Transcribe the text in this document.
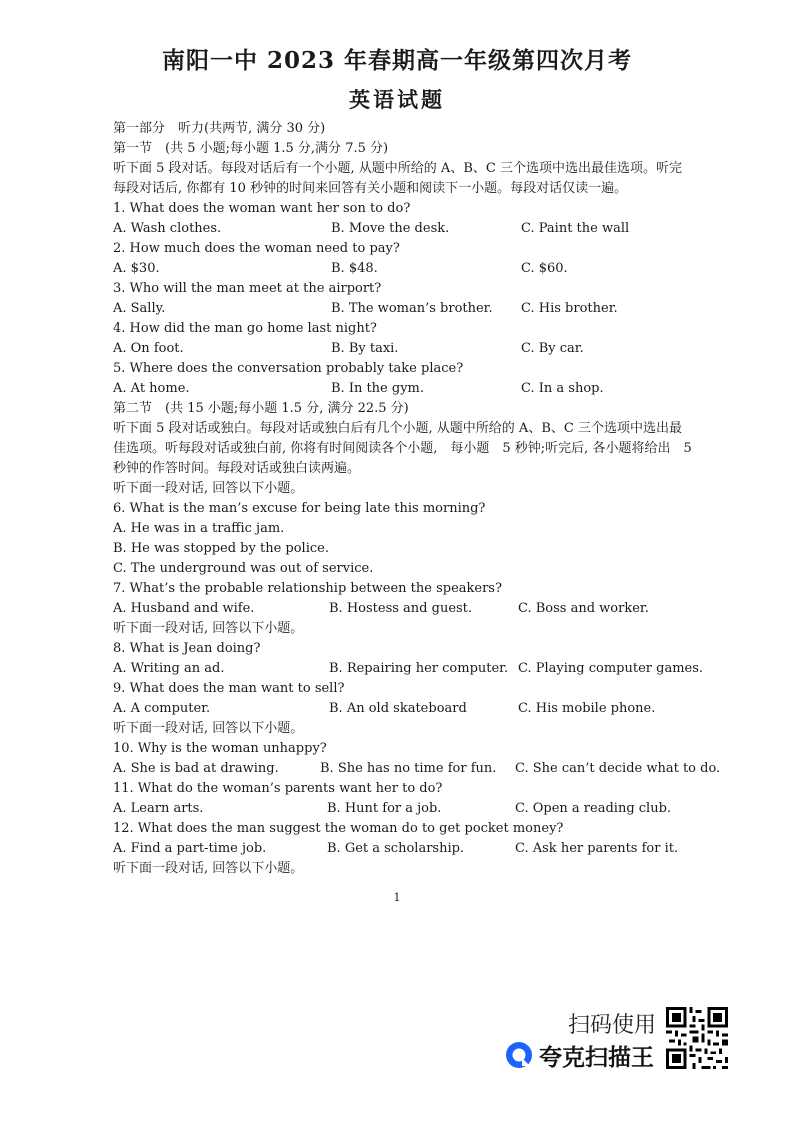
南阳一中 2023 年春期高一年级第四次月考
英语试题
第一部分　听力(共两节, 满分 30 分)
第一节　(共 5 小题;每小题 1.5 分,满分 7.5 分)
听下面 5 段对话。每段对话后有一个小题, 从题中所给的 A、B、C 三个选项中选出最佳选项。听完
每段对话后, 你都有 10 秒钟的时间来回答有关小题和阅读下一小题。每段对话仅读一遍。
1. What does the woman want her son to do?
A. Wash clothes.	B. Move the desk.	C. Paint the wall
2. How much does the woman need to pay?
A. $30.	B. $48.	C. $60.
3. Who will the man meet at the airport?
A. Sally.	B. The woman’s brother. C. His brother.
4. How did the man go home last night?
A. On foot.	B. By taxi.	C. By car.
5. Where does the conversation probably take place?
A. At home.	B. In the gym.	C. In a shop.
第二节　(共 15 小题;每小题 1.5 分, 满分 22.5 分)
听下面 5 段对话或独白。每段对话或独白后有几个小题, 从题中所给的 A、B、C 三个选项中选出最
佳选项。听每段对话或独白前, 你将有时间阅读各个小题,　每小题　5 秒钟;听完后, 各小题将给出　5
秒钟的作答时间。每段对话或独白读两遍。
听下面一段对话, 回答以下小题。
6. What is the man’s excuse for being late this morning?
A. He was in a traffic jam.
B. He was stopped by the police.
C. The underground was out of service.
7. What’s the probable relationship between the speakers?
A. Husband and wife.	B. Hostess and guest.	C. Boss and worker.
听下面一段对话, 回答以下小题。
8. What is Jean doing?
A. Writing an ad.	B. Repairing her computer. C. Playing computer games.
9. What does the man want to sell?
A. A computer.	B. An old skateboard	C. His mobile phone.
听下面一段对话, 回答以下小题。
10. Why is the woman unhappy?
A. She is bad at drawing.	B. She has no time for fun. C. She can’t decide what to do.
11. What do the woman’s parents want her to do?
A. Learn arts.	B. Hunt for a job.	C. Open a reading club.
12. What does the man suggest the woman do to get pocket money?
A. Find a part-time job.	B. Get a scholarship.	C. Ask her parents for it.
听下面一段对话, 回答以下小题。
1
扫码使用
夸克扫描王
